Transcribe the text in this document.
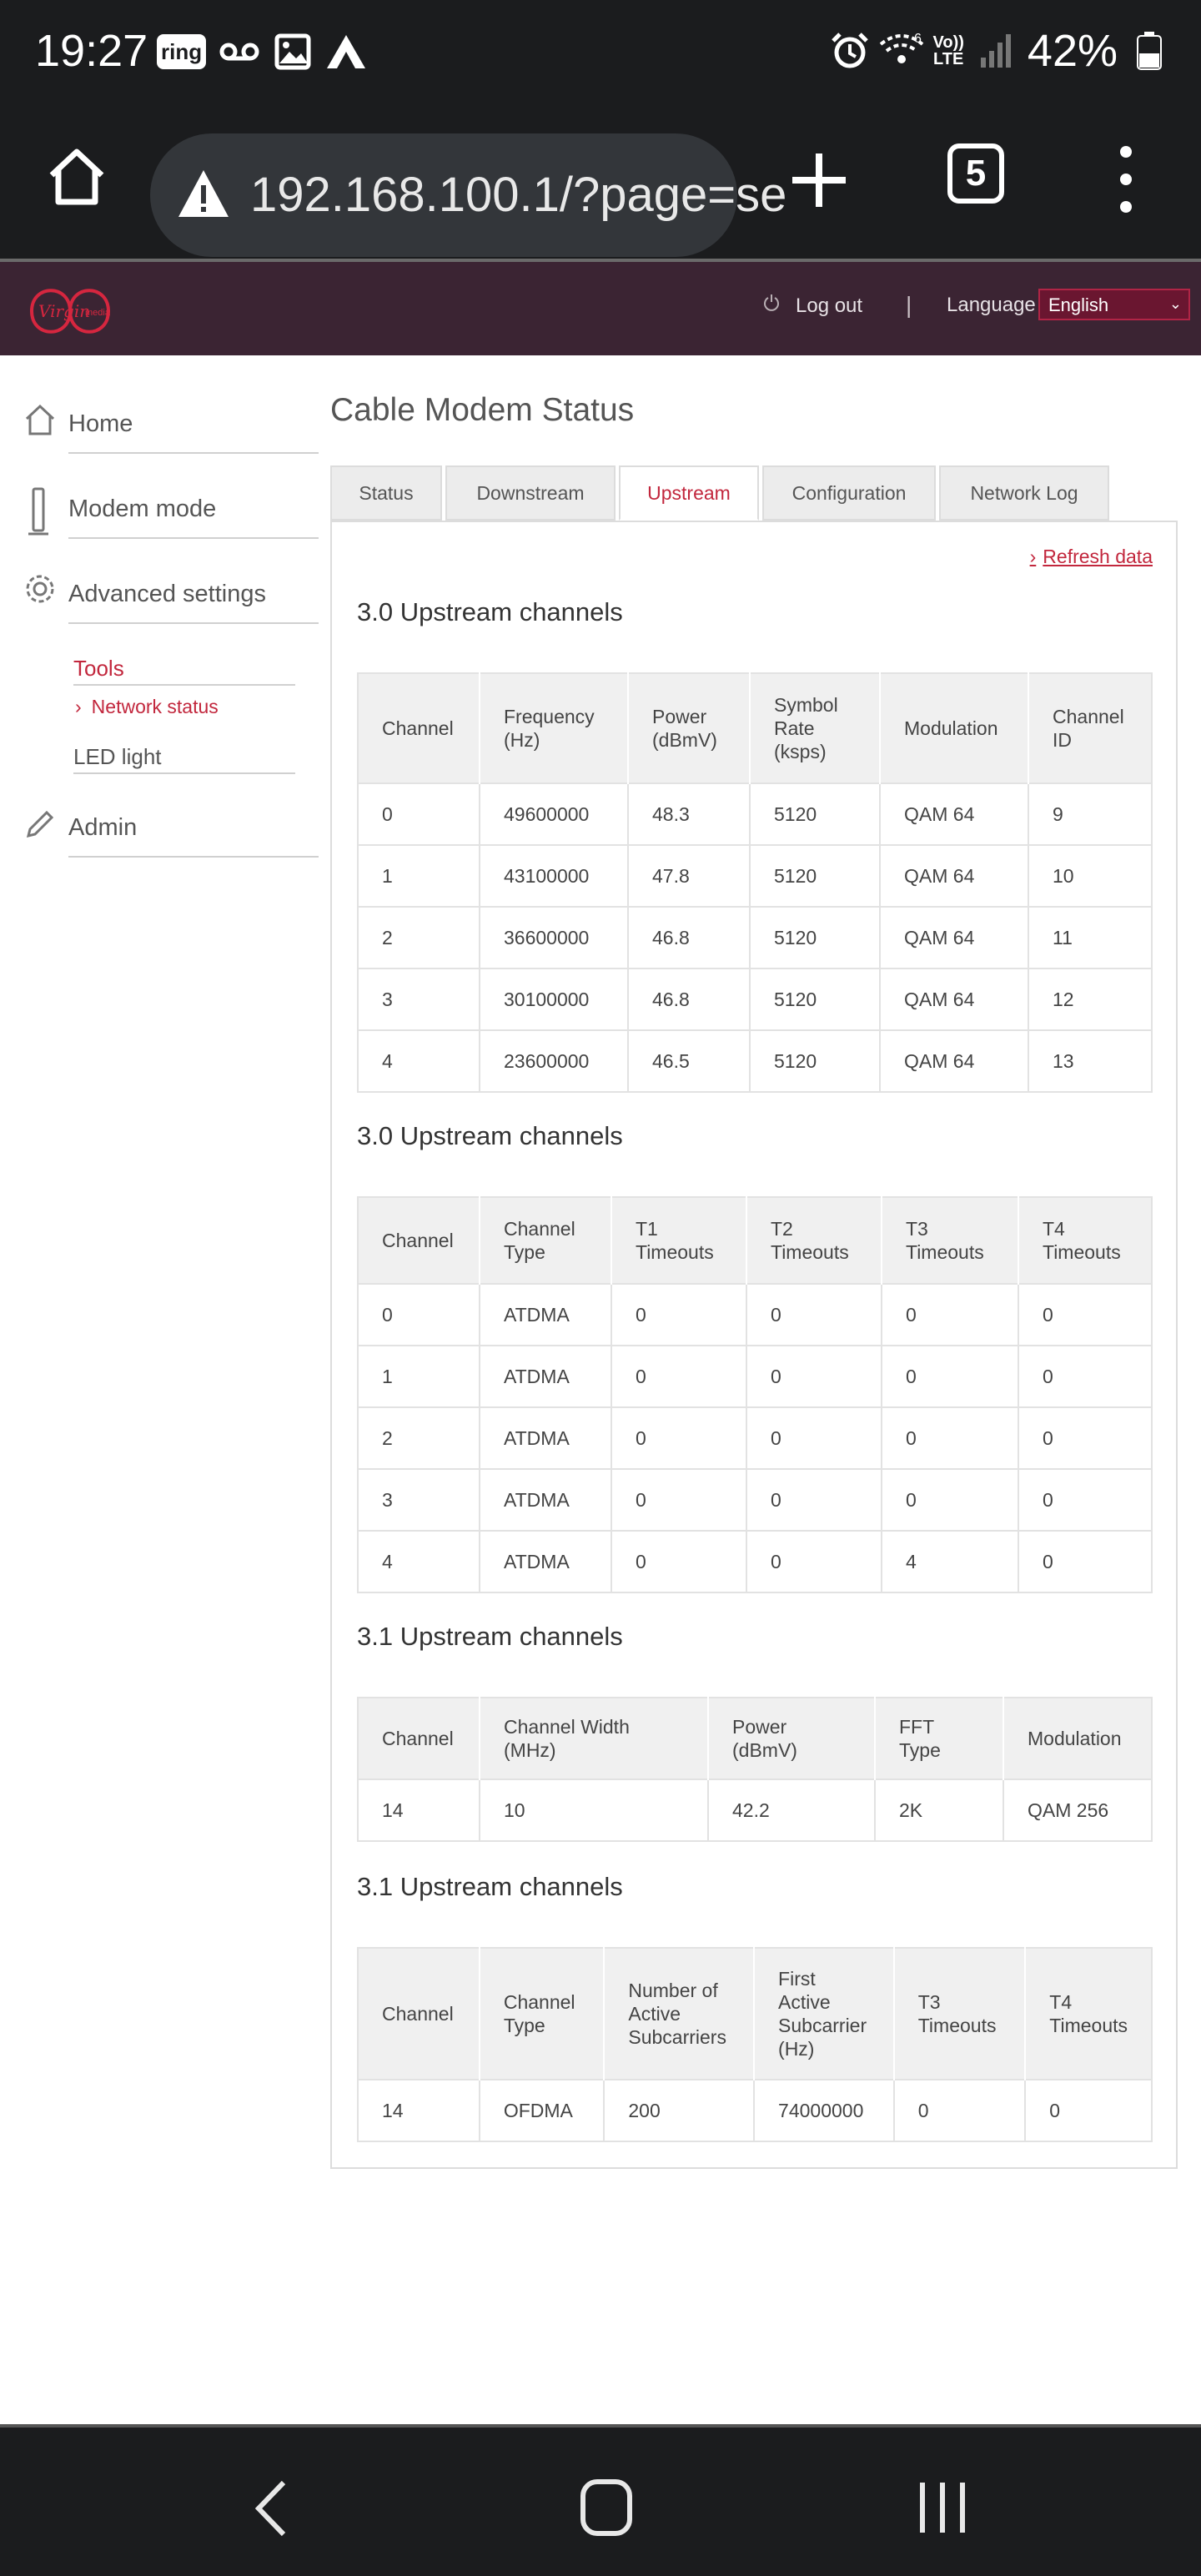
19:27 ring
6 Vo))
LTE 42%
192.168.100.1/?page=se	5
Virgin
media	Log out | Language English	⌄
Home
Modem mode
Advanced settings
Tools
› Network status
LED light
Admin
Cable Modem Status
Status	Downstream	Upstream	Configuration	Network Log
› Refresh data
3.0 Upstream channels
Channel	Frequency (Hz)	Power (dBmV)	Symbol Rate (ksps)	Modulation	Channel ID
0	49600000	48.3	5120	QAM 64	9
1	43100000	47.8	5120	QAM 64	10
2	36600000	46.8	5120	QAM 64	11
3	30100000	46.8	5120	QAM 64	12
4	23600000	46.5	5120	QAM 64	13
3.0 Upstream channels
Channel	Channel Type	T1 Timeouts	T2 Timeouts	T3 Timeouts	T4 Timeouts
0	ATDMA	0	0	0	0
1	ATDMA	0	0	0	0
2	ATDMA	0	0	0	0
3	ATDMA	0	0	0	0
4	ATDMA	0	0	4	0
3.1 Upstream channels
Channel	Channel Width (MHz)	Power (dBmV)	FFT Type	Modulation
14	10	42.2	2K	QAM 256
3.1 Upstream channels
Channel	Channel Type	Number of Active Subcarriers	First Active Subcarrier (Hz)	T3 Timeouts	T4 Timeouts
14	OFDMA	200	74000000	0	0
